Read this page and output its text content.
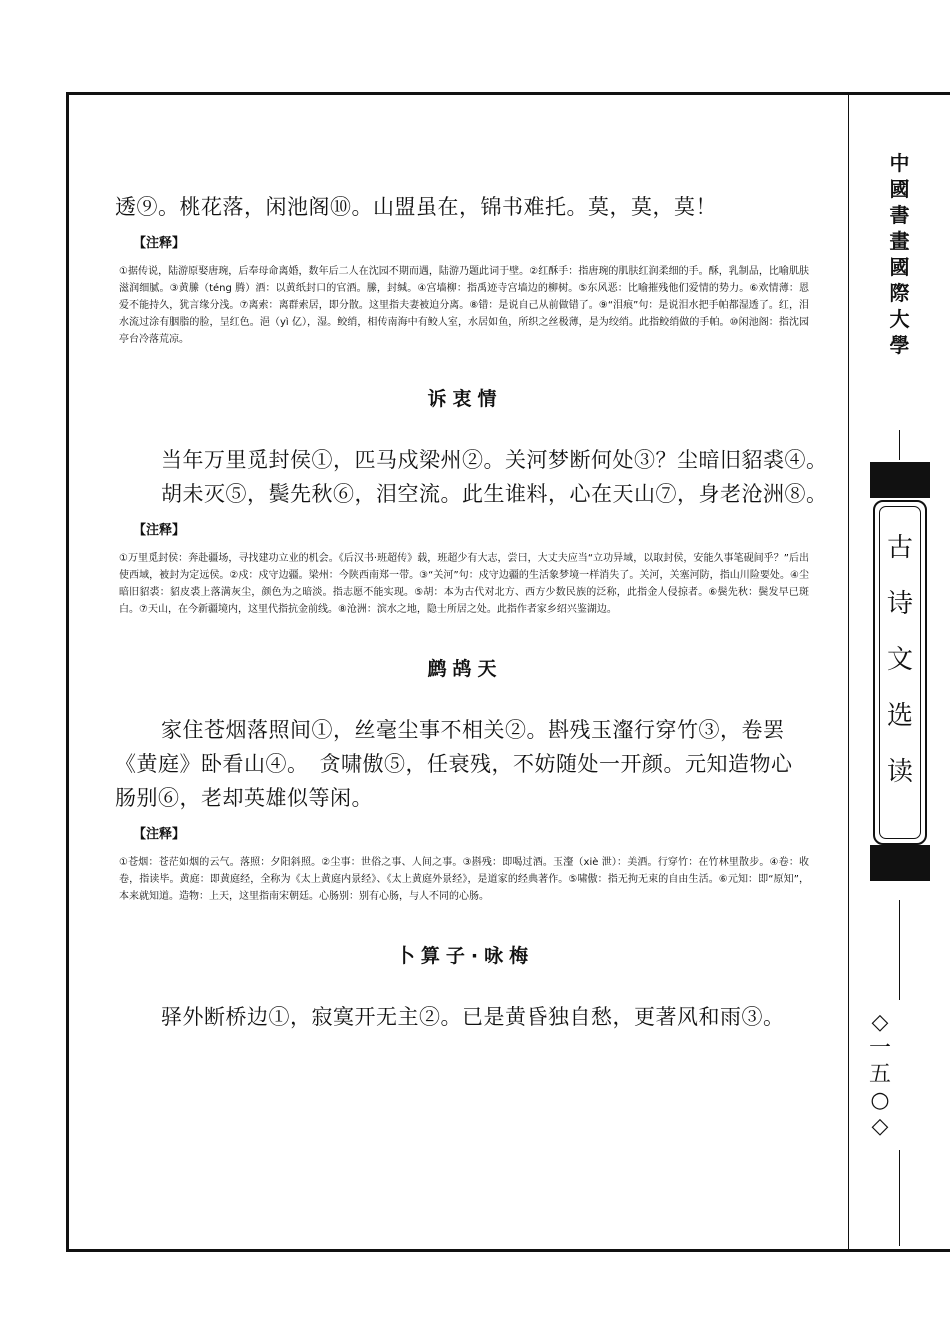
透⑨。桃花落，闲池阁⑩。山盟虽在，锦书难托。莫，莫，莫！

【注释】

①据传说，陆游原娶唐琬，后奉母命离婚，数年后二人在沈园不期而遇，陆游乃题此词于壁。②红酥手：指唐琬的肌肤红润柔细的手。酥，乳制品，比喻肌肤滋润细腻。③黄縢（téng 腾）酒：以黄纸封口的官酒。縢，封缄。④宫墙柳：指禹迹寺宫墙边的柳树。⑤东风恶：比喻摧残他们爱情的势力。⑥欢情薄：恩爱不能持久，犹言缘分浅。⑦离索：离群索居，即分散。这里指夫妻被迫分离。⑧错：是说自己从前做错了。⑨“泪痕”句：是说泪水把手帕都湿透了。红，泪水流过涂有胭脂的脸，呈红色。浥（yì 亿），湿。鲛绡，相传南海中有鲛人室，水居如鱼，所织之丝极薄，是为绞绡。此指鲛绡做的手帕。⑩闲池阁：指沈园亭台冷落荒凉。

诉衷情

当年万里觅封侯①，匹马戍梁州②。关河梦断何处③？尘暗旧貂裘④。

胡未灭⑤，鬓先秋⑥，泪空流。此生谁料，心在天山⑦，身老沧洲⑧。

【注释】

①万里觅封侯：奔赴疆场，寻找建功立业的机会。《后汉书·班超传》载，班超少有大志，尝曰，大丈夫应当“立功异域，以取封侯，安能久事笔砚间乎？”后出使西域，被封为定远侯。②戍：戍守边疆。梁州：今陕西南郑一带。③“关河”句：戍守边疆的生活象梦境一样消失了。关河，关塞河防，指山川险要处。④尘暗旧貂裘：貂皮裘上落满灰尘，颜色为之暗淡。指志愿不能实现。⑤胡：本为古代对北方、西方少数民族的泛称，此指金人侵掠者。⑥鬓先秋：鬓发早已斑白。⑦天山，在今新疆境内，这里代指抗金前线。⑧沧洲：滨水之地，隐士所居之处。此指作者家乡绍兴鉴湖边。

鹧鸪天

家住苍烟落照间①，丝毫尘事不相关②。斟残玉瀣行穿竹③，卷罢

《黄庭》卧看山④。　贪啸傲⑤，任衰残，不妨随处一开颜。元知造物心

肠别⑥，老却英雄似等闲。

【注释】

①苍烟：苍茫如烟的云气。落照：夕阳斜照。②尘事：世俗之事、人间之事。③斟残：即喝过酒。玉瀣（xiè 泄）：美酒。行穿竹：在竹林里散步。④卷：收卷，指读毕。黄庭：即黄庭经，全称为《太上黄庭内景经》、《太上黄庭外景经》，是道家的经典著作。⑤啸傲：指无拘无束的自由生活。⑥元知：即“原知”，本来就知道。造物：上天，这里指南宋朝廷。心肠别：别有心肠，与人不同的心肠。

卜算子·咏梅

驿外断桥边①，寂寞开无主②。已是黄昏独自愁，更著风和雨③。

中
國
書
畫
國
際
大
學
古
诗
文
选
读
◇
一
五
○
◇
